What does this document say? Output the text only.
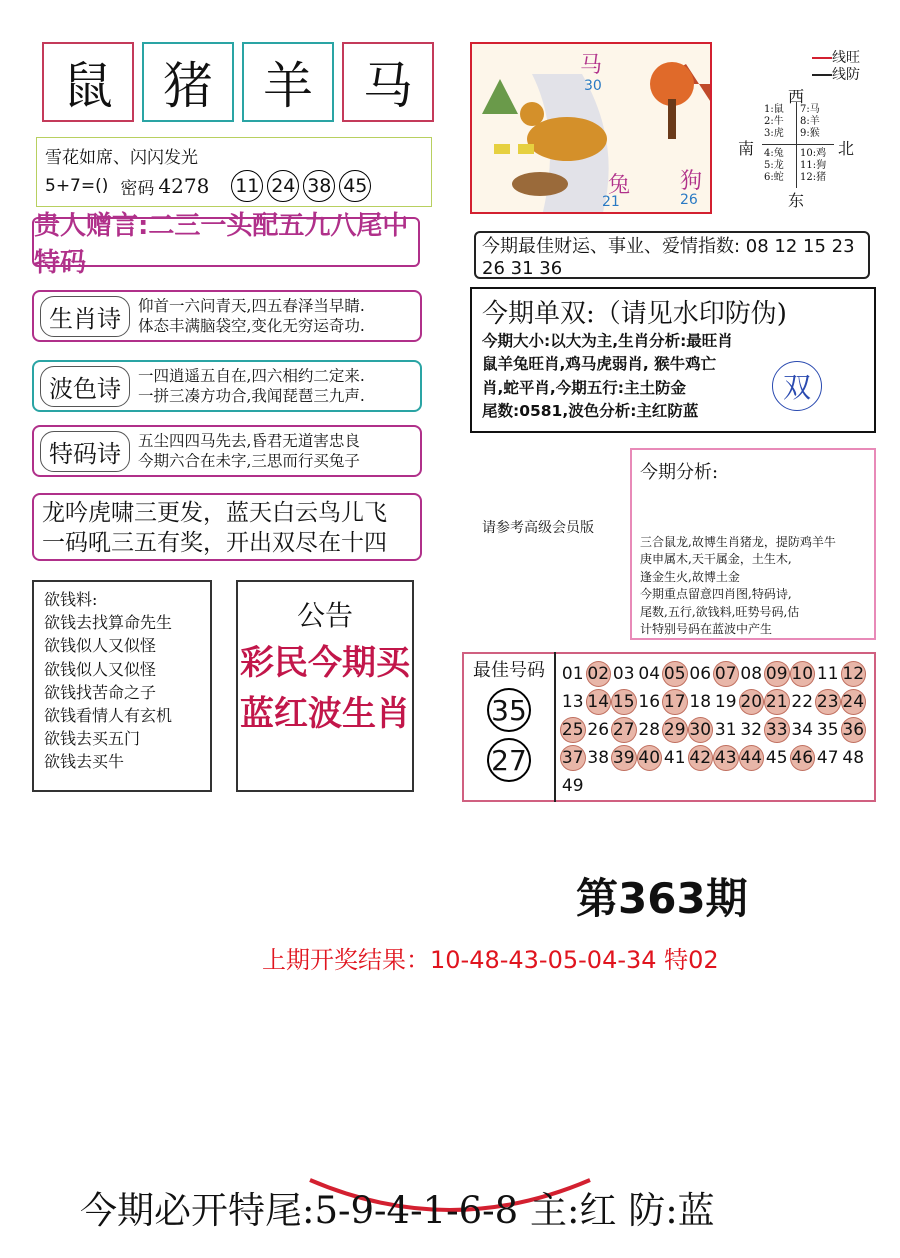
鼠	猪	羊	马
雪花如席、闪闪发光
5+7=() 密码 4278 11 24 38 45
贵人赠言:二三一头配五九八尾中特码
生肖诗	仰首一六问青天,四五春泽当早睛.
体态丰满脑袋空,变化无穷运奇功.
波色诗	一四逍遥五自在,四六相约二定来.
一拼三凑方功合,我闻琵琶三九声.
特码诗	五尘四四马先去,昏君无道害忠良
今期六合在未字,三思而行买兔子
龙吟虎啸三更发，蓝天白云鸟儿飞
一码吼三五有奖，开出双尽在十四
欲钱料:
欲钱去找算命先生
欲钱似人又似怪
欲钱似人又似怪
欲钱找苦命之子
欲钱看情人有玄机
欲钱去买五门
欲钱去买牛
公告
彩民今期买
蓝红波生肖
马
30
兔
21
狗
26
线旺
线防
西
南	北
东
1:鼠
2:牛
3:虎
7:马
8:羊
9:猴
4:兔
5:龙
6:蛇
10:鸡
11:狗
12:猪
今期最佳财运、事业、爱情指数: 08 12 15 23 26 31 36
今期单双:（请见水印防伪)
今期大小:以大为主,生肖分析:最旺肖
鼠羊兔旺肖,鸡马虎弱肖, 猴牛鸡亡
肖,蛇平肖,今期五行:主土防金
尾数:0581,波色分析:主红防蓝
双
今期分析:
三合鼠龙,故博生肖猪龙，提防鸡羊牛
庚申属木,天干属金，土生木,
逢金生火,故博土金
今期重点留意四肖图,特码诗,
尾数,五行,欲钱料,旺势号码,估
计特别号码在蓝波中产生
请参考高级会员版
最佳号码
35
27
01 02 03 04 05 06 07 08 09 10 11 12
13 14 15 16 17 18 19 20 21 22 23 24
25 26 27 28 29 30 31 32 33 34 35 36
37 38 39 40 41 42 43 44 45 46 47 48
49
第363期
上期开奖结果：10-48-43-05-04-34 特02
今期必开特尾:5-9-4-1-6-8 主:红 防:蓝
